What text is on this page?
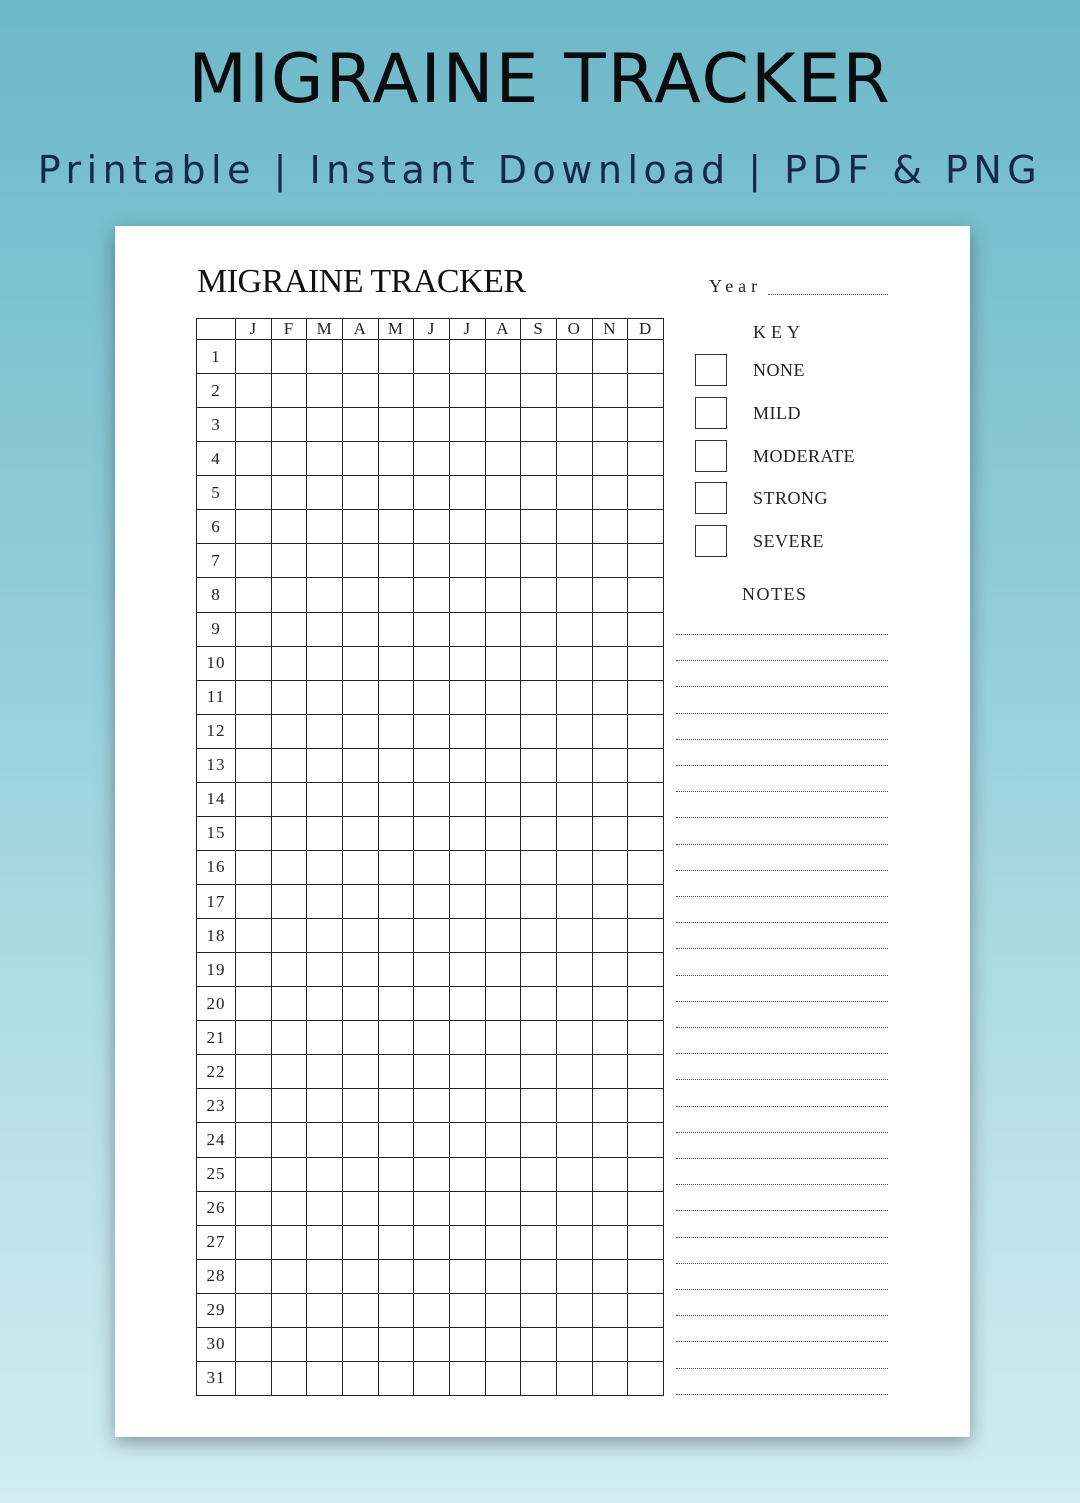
MIGRAINE TRACKER
Printable | Instant Download | PDF & PNG
MIGRAINE TRACKER	Year
	J	F	M	A	M	J	J	A	S	O	N	D
1												
2												
3												
4												
5												
6												
7												
8												
9												
10												
11												
12												
13												
14												
15												
16												
17												
18												
19												
20												
21												
22												
23												
24												
25												
26												
27												
28												
29												
30												
31												
KEY
NONE
MILD
MODERATE
STRONG
SEVERE
NOTES
